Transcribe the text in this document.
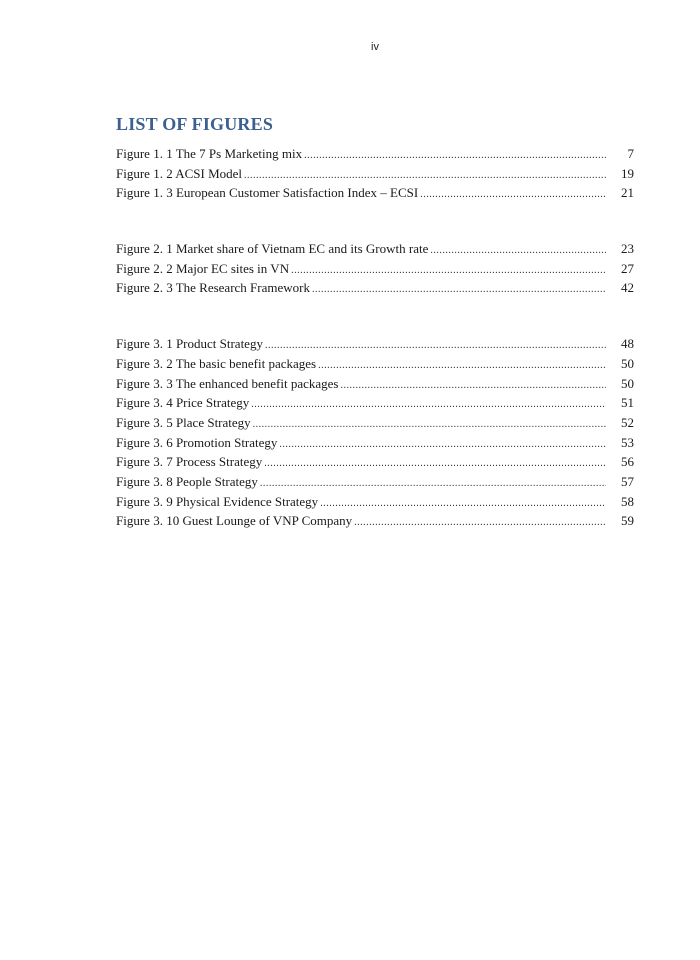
iv
LIST OF FIGURES
Figure 1. 1 The 7 Ps Marketing mix .....	7
Figure 1. 2 ACSI Model .....	19
Figure 1. 3 European Customer Satisfaction Index – ECSI .....	21
Figure 2. 1 Market share of Vietnam EC and its Growth rate .....	23
Figure 2. 2 Major EC sites in VN .....	27
Figure 2. 3 The Research Framework .....	42
Figure 3. 1 Product Strategy .....	48
Figure 3. 2 The basic benefit packages .....	50
Figure 3. 3 The enhanced benefit packages .....	50
Figure 3. 4 Price Strategy .....	51
Figure 3. 5 Place Strategy .....	52
Figure 3. 6 Promotion Strategy .....	53
Figure 3. 7 Process Strategy .....	56
Figure 3. 8 People Strategy .....	57
Figure 3. 9 Physical Evidence Strategy .....	58
Figure 3. 10 Guest Lounge of VNP Company .....	59
